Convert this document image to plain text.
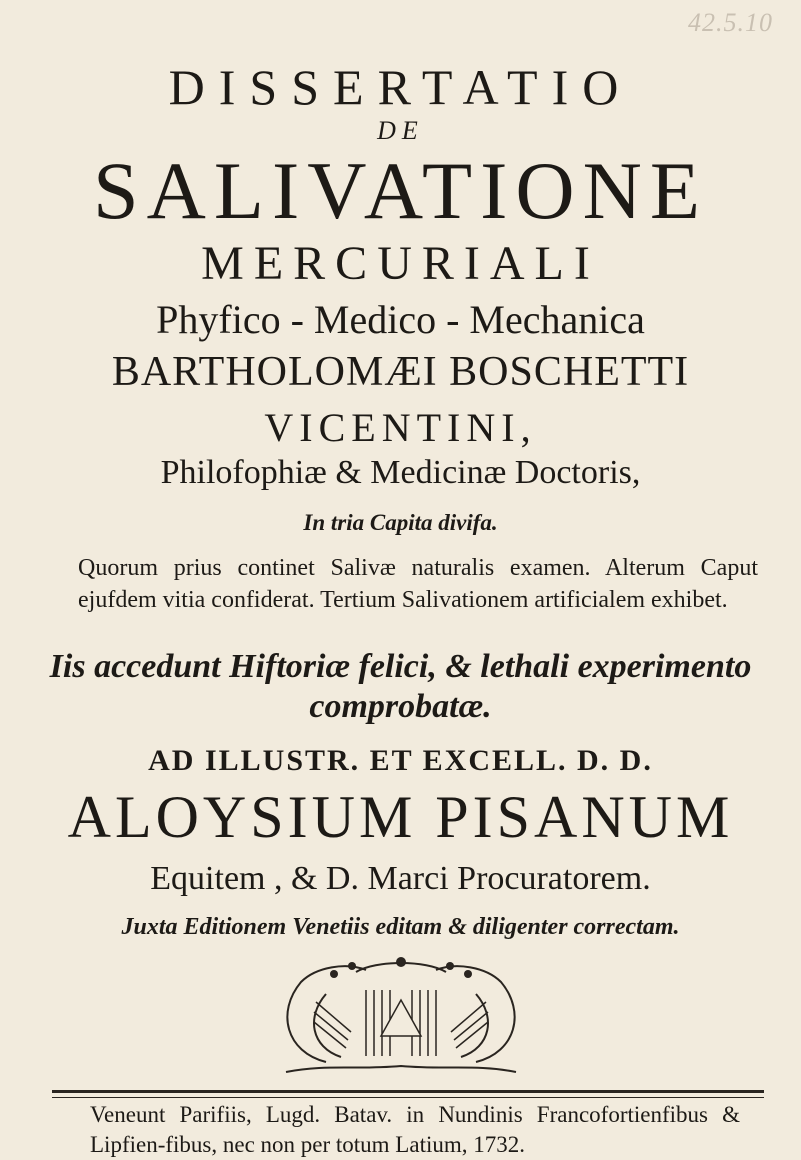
42.5.10
DISSERTATIO
DE
SALIVATIONE
MERCURIALI
Phyfico - Medico - Mechanica
BARTHOLOMÆI BOSCHETTI
VICENTINI,
Philofophiæ & Medicinæ Doctoris,
In tria Capita divifa.
Quorum prius continet Salivæ naturalis examen. Alterum Caput ejufdem vitia confiderat. Tertium Salivationem artificialem exhibet.
Iis accedunt Hiftoriæ felici, & lethali experimento
comprobatæ.
AD ILLUSTR. ET EXCELL. D. D.
ALOYSIUM PISANUM
Equitem , & D. Marci Procuratorem.
Juxta Editionem Venetiis editam & diligenter correctam.
Veneunt Parifiis, Lugd. Batav. in Nundinis Francofortienfibus & Lipfien-fibus, nec non per totum Latium, 1732.
